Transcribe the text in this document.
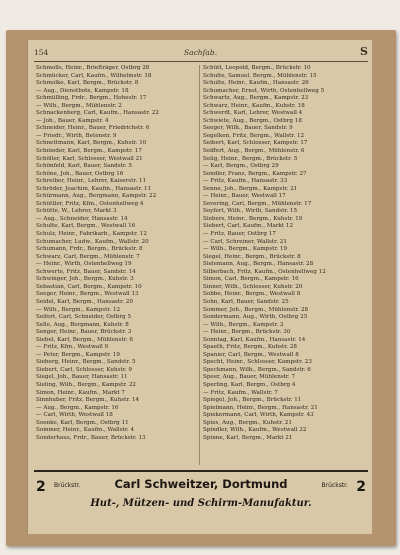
154	Sachſab.	S
Schmolls, Heinr., Briefträger, Ostbrg 28
Schmücker, Carl, Kaufm., Wilhelmstr. 18
Schmolke, Karl, Bergm., Brückstr. 8
— Aug., Dienstbote, Kampstr. 18
Schmülling, Frdr., Bergm., Hohestr. 17
— Wilh., Bergm., Mühlenstr. 2
Schnackenberg, Carl, Kaufm., Hansastr. 22
— Joh., Bauer, Kampstr. 4
Schneider, Heinr., Bauer, Friedrichstr. 6
— Friedr., Wirth, Betenstr. 9
Schnettmann, Karl, Bergm., Kuhstr. 10
Schnieder, Karl, Bergm., Kampstr. 17
Schöller, Karl, Schlosser, Westwall 21
Schönfeld, Karl, Bauer, Sandstr. 5
Schöne, Joh., Bauer, Ostbrg 16
Schreiber, Heinr., Lehrer, Kaiserstr. 11
Schröder, Joachim, Kaufm., Hansastr. 11
Schürmann, Aug., Bergmann, Kampstr. 22
Schüttler, Fritz, Kfm., Ostenhellweg 4
Schütte, W., Lehrer, Markt 3
— Aug., Schneider, Hansastr. 14
Schulte, Karl, Bergm., Westwall 16
Schulz, Heinr., Fabrikarb., Kampstr. 12
Schumacher, Ludw., Kaufm., Wallstr. 20
Schumann, Frdr., Bergm., Brückstr. 8
Schwarz, Carl, Bergm., Mühlenstr. 7
— Heinr., Wirth, Ostenhellweg 19
Schwerte, Fritz, Bauer, Sandstr. 14
Schwinger, Joh., Bergm., Kuhstr. 3
Sebastian, Carl, Bergm., Kampstr. 10
Seeger, Heinr., Bergm., Westwall 13
Seidel, Karl, Bergm., Hansastr. 20
— Wilh., Bergm., Kampstr. 12
Seifert, Carl, Schneider, Ostbrg 5
Selle, Aug., Bergmann, Kuhstr. 8
Senger, Heinr., Bauer, Brückstr. 3
Siebel, Karl, Bergm., Mühlenstr. 6
— Fritz, Kfm., Westwall 9
— Peter, Bergm., Kampstr. 19
Sieberg, Heinr., Bergm., Sandstr. 5
Siebert, Carl, Schlosser, Kuhstr. 9
Siegel, Joh., Bauer, Hansastr. 11
Sieling, Wilh., Bergm., Kampstr. 22
Simon, Heinr., Kaufm., Markt 7
Sinnhuber, Fritz, Bergm., Kuhstr. 14
— Aug., Bergm., Kampstr. 16
— Carl, Wirth, Westwall 18
Soenke, Karl, Bergm., Ostbrg 11
Sommer, Heinr., Kaufm., Wallstr. 4
Sonderhaus, Frdr., Bauer, Brückstr. 13
Schütt, Leopold, Bergm., Brückstr. 10
Schulte, Samuel, Bergm., Mühlenstr. 15
Schulte, Heinr., Kaufm., Hansastr. 26
Schumacher, Ernst, Wirth, Ostenhellweg 5
Schwartz, Aug., Bergm., Kampstr. 23
Schwarz, Heinr., Kaufm., Kuhstr. 18
Schwerdt, Karl, Lehrer, Westwall 4
Schwiete, Aug., Bergm., Ostbrg 18
Seeger, Wilh., Bauer, Sandstr. 9
Segelken, Fritz, Bergm., Wallstr. 12
Seibert, Karl, Schlosser, Kampstr. 17
Seiffert, Aug., Bergm., Mühlenstr. 6
Selig, Heinr., Bergm., Brückstr. 5
— Karl, Bergm., Ostbrg 29
Sendler, Franz, Bergm., Kampstr. 27
— Fritz, Kaufm., Hansastr. 33
Senne, Joh., Bergm., Kampstr. 21
— Heinr., Bauer, Westwall 17
Severing, Carl, Bergm., Mühlenstr. 17
Seyfert, Wilh., Wirth, Sandstr. 15
Siebers, Heinr., Bergm., Kuhstr. 19
Siebert, Carl, Kaufm., Markt 12
— Fritz, Bauer, Ostbrg 17
— Carl, Schreiner, Wallstr. 21
— Wilh., Bergm., Kampstr. 19
Siegel, Heinr., Bergm., Brückstr. 8
Sielemann, Aug., Bergm., Hansastr. 28
Silberbach, Fritz, Kaufm., Ostenhellweg 12
Simon, Carl, Bergm., Kampstr. 16
Sinner, Wilh., Schlosser, Kuhstr. 20
Sobbe, Heinr., Bergm., Westwall 8
Sohn, Karl, Bauer, Sandstr. 25
Sommer, Joh., Bergm., Mühlenstr. 28
Sondermann, Aug., Wirth, Ostbrg 25
— Wilh., Bergm., Kampstr. 2
— Heinr., Bergm., Brückstr. 30
Sonntag, Karl, Kaufm., Hansastr. 14
Spaeth, Fritz, Bergm., Kuhstr. 28
Spanier, Carl, Bergm., Westwall 8
Specht, Heinr., Schlosser, Kampstr. 23
Speckmann, Wilh., Bergm., Sandstr. 6
Speer, Aug., Bauer, Mühlenstr. 7
Sperling, Karl, Bergm., Ostbrg 4
— Fritz, Kaufm., Wallstr. 7
Spiegel, Joh., Bergm., Brückstr. 11
Spielmann, Heinr., Bergm., Hansastr. 21
Spiekermann, Carl, Wirth, Kampstr. 43
Spies, Aug., Bergm., Kuhstr. 21
Spindler, Wilh., Kaufm., Westwall 32
Spinne, Karl, Bergm., Markt 21
2 Brückstr.	Carl Schweitzer, Dortmund	Brückstr. 2
Hut-, Mützen- und Schirm-Manufaktur.
